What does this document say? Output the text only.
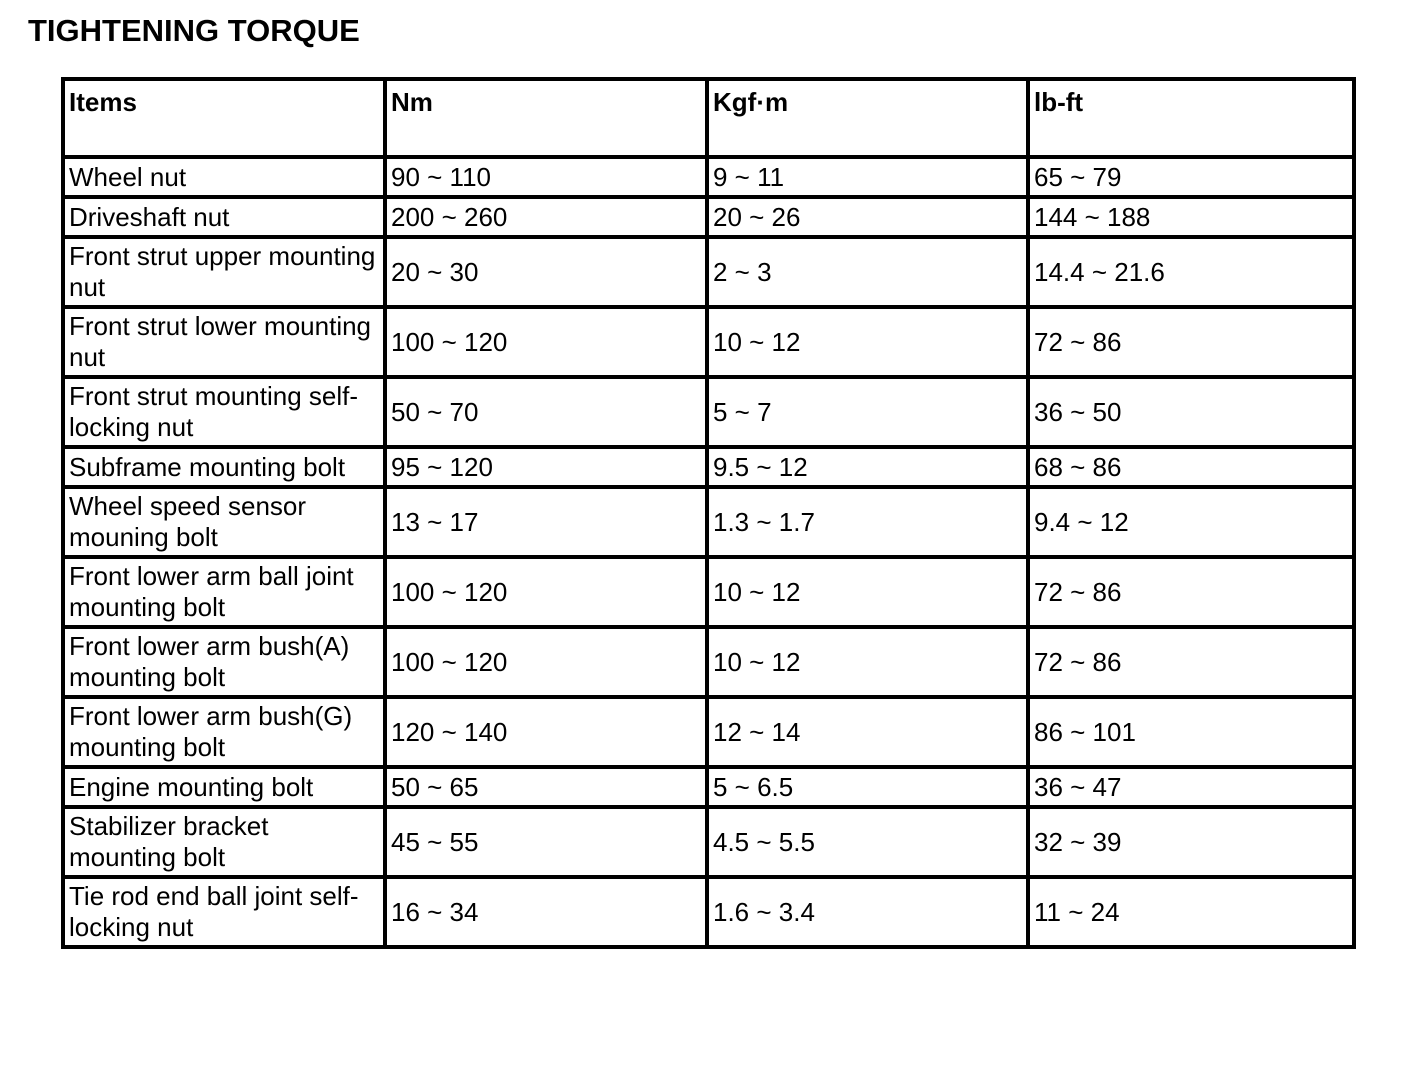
TIGHTENING TORQUE
Items	Nm	Kgf·m	lb-ft
Wheel nut	90 ~ 110	9 ~ 11	65 ~ 79
Driveshaft nut	200 ~ 260	20 ~ 26	144 ~ 188
Front strut upper mounting nut	20 ~ 30	2 ~ 3	14.4 ~ 21.6
Front strut lower mounting nut	100 ~ 120	10 ~ 12	72 ~ 86
Front strut mounting self-locking nut	50 ~ 70	5 ~ 7	36 ~ 50
Subframe mounting bolt	95 ~ 120	9.5 ~ 12	68 ~ 86
Wheel speed sensor mouning bolt	13 ~ 17	1.3 ~ 1.7	9.4 ~ 12
Front lower arm ball joint mounting bolt	100 ~ 120	10 ~ 12	72 ~ 86
Front lower arm bush(A) mounting bolt	100 ~ 120	10 ~ 12	72 ~ 86
Front lower arm bush(G) mounting bolt	120 ~ 140	12 ~ 14	86 ~ 101
Engine mounting bolt	50 ~ 65	5 ~ 6.5	36 ~ 47
Stabilizer bracket mounting bolt	45 ~ 55	4.5 ~ 5.5	32 ~ 39
Tie rod end ball joint self-locking nut	16 ~ 34	1.6 ~ 3.4	11 ~ 24
